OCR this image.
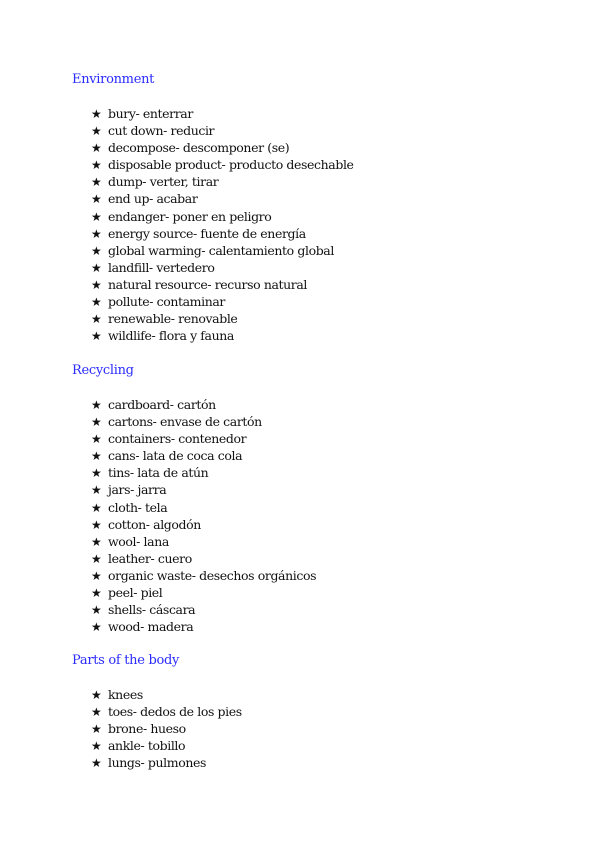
Environment
★ bury- enterrar
★ cut down- reducir
★ decompose- descomponer (se)
★ disposable product- producto desechable
★ dump- verter, tirar
★ end up- acabar
★ endanger- poner en peligro
★ energy source- fuente de energía
★ global warming- calentamiento global
★ landfill- vertedero
★ natural resource- recurso natural
★ pollute- contaminar
★ renewable- renovable
★ wildlife- flora y fauna
Recycling
★ cardboard- cartón
★ cartons- envase de cartón
★ containers- contenedor
★ cans- lata de coca cola
★ tins- lata de atún
★ jars- jarra
★ cloth- tela
★ cotton- algodón
★ wool- lana
★ leather- cuero
★ organic waste- desechos orgánicos
★ peel- piel
★ shells- cáscara
★ wood- madera
Parts of the body
★ knees
★ toes- dedos de los pies
★ brone- hueso
★ ankle- tobillo
★ lungs- pulmones
